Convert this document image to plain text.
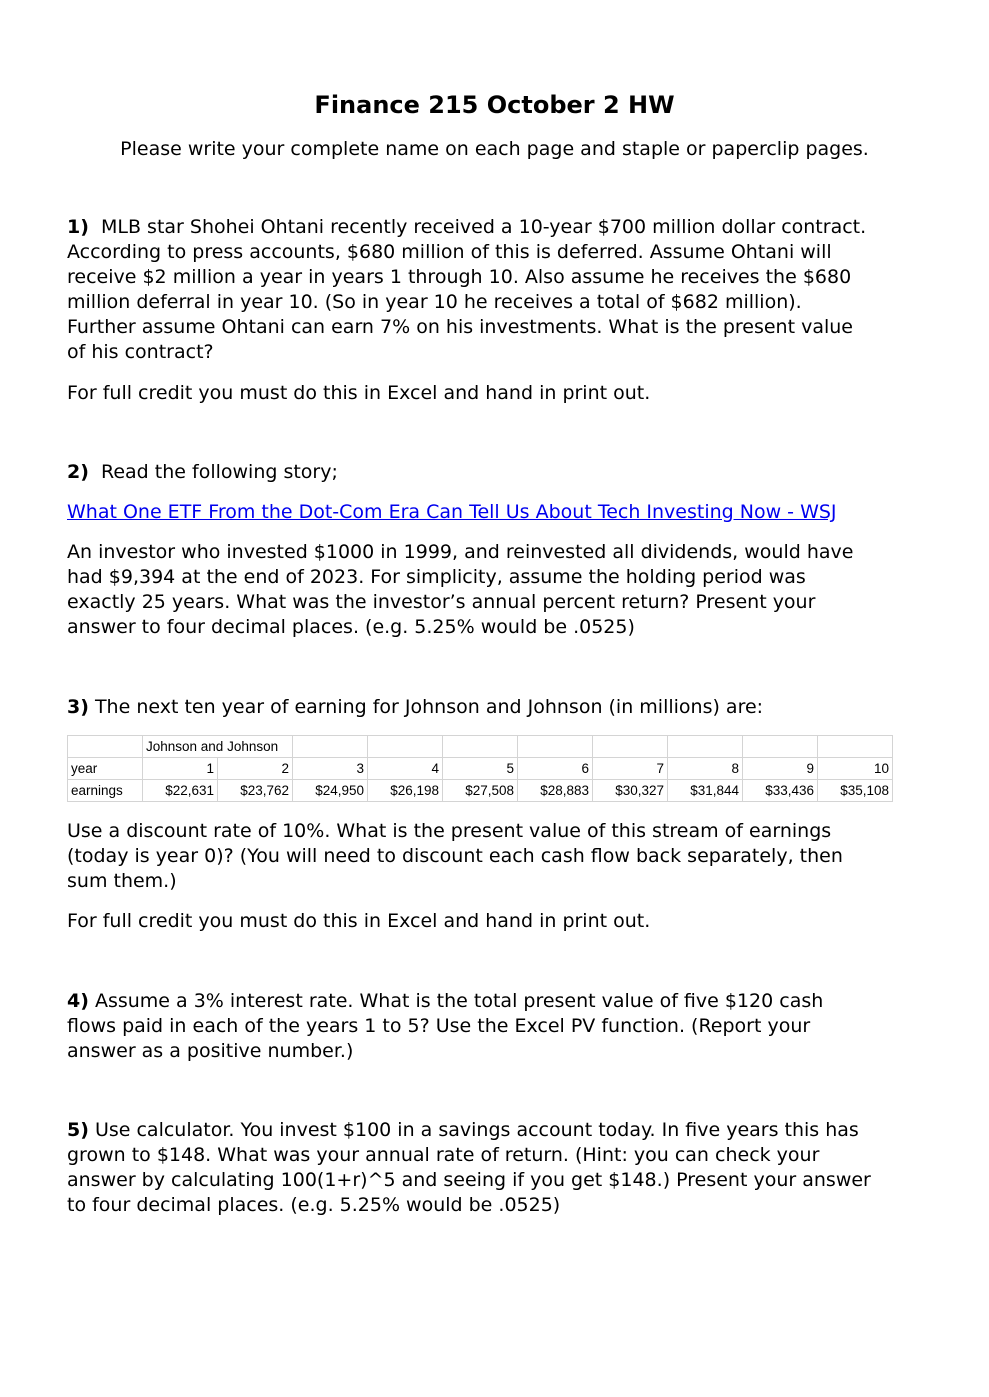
Finance 215 October 2 HW
Please write your complete name on each page and staple or paperclip pages.
1) MLB star Shohei Ohtani recently received a 10-year $700 million dollar contract.
According to press accounts, $680 million of this is deferred. Assume Ohtani will
receive $2 million a year in years 1 through 10. Also assume he receives the $680
million deferral in year 10. (So in year 10 he receives a total of $682 million).
Further assume Ohtani can earn 7% on his investments. What is the present value
of his contract?
For full credit you must do this in Excel and hand in print out.
2) Read the following story;
What One ETF From the Dot-Com Era Can Tell Us About Tech Investing Now - WSJ
An investor who invested $1000 in 1999, and reinvested all dividends, would have
had $9,394 at the end of 2023. For simplicity, assume the holding period was
exactly 25 years. What was the investor’s annual percent return? Present your
answer to four decimal places. (e.g. 5.25% would be .0525)
3) The next ten year of earning for Johnson and Johnson (in millions) are:
	Johnson and Johnson									
year	1	2	3	4	5	6	7	8	9	10
earnings	$22,631	$23,762	$24,950	$26,198	$27,508	$28,883	$30,327	$31,844	$33,436	$35,108
Use a discount rate of 10%. What is the present value of this stream of earnings
(today is year 0)? (You will need to discount each cash flow back separately, then
sum them.)
For full credit you must do this in Excel and hand in print out.
4) Assume a 3% interest rate. What is the total present value of five $120 cash
flows paid in each of the years 1 to 5? Use the Excel PV function. (Report your
answer as a positive number.)
5) Use calculator. You invest $100 in a savings account today. In five years this has
grown to $148. What was your annual rate of return. (Hint: you can check your
answer by calculating 100(1+r)^5 and seeing if you get $148.) Present your answer
to four decimal places. (e.g. 5.25% would be .0525)
